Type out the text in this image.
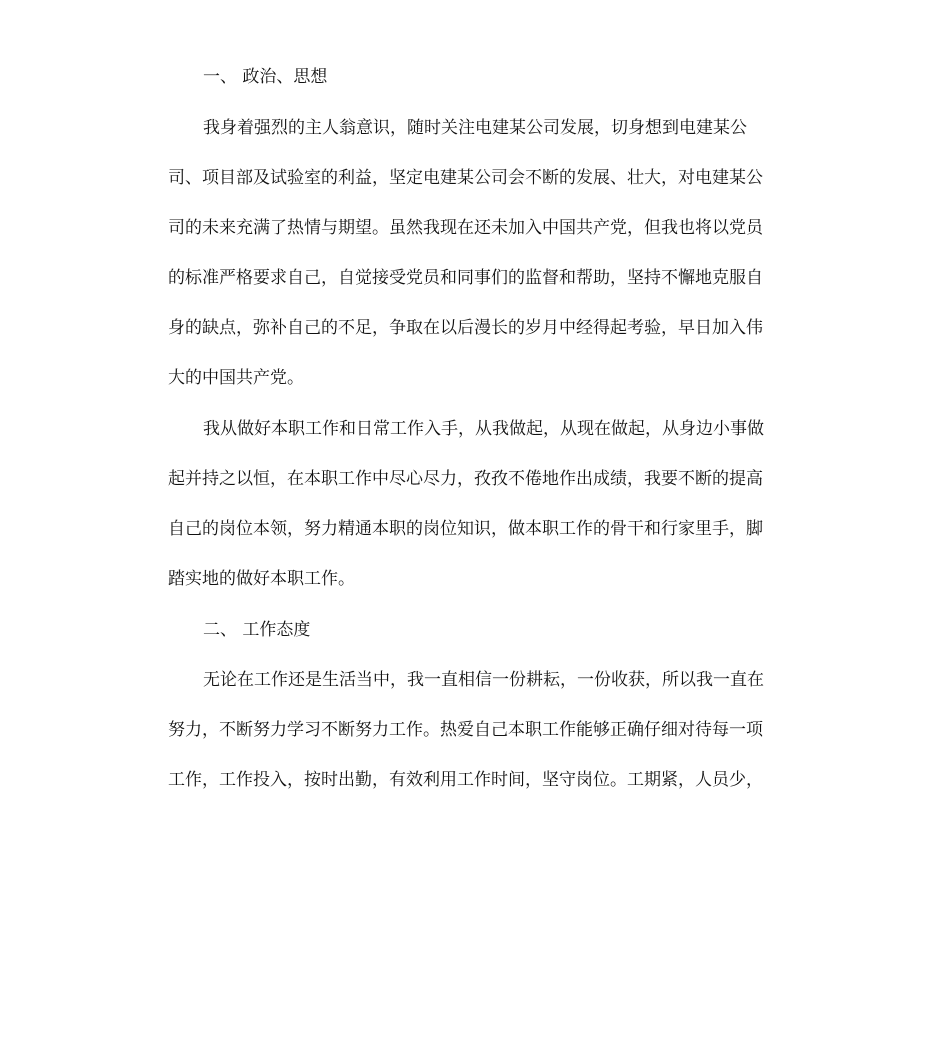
一、 政治、思想
我身着强烈的主人翁意识，随时关注电建某公司发展，切身想到电建某公
司、项目部及试验室的利益，坚定电建某公司会不断的发展、壮大，对电建某公
司的未来充满了热情与期望。虽然我现在还未加入中国共产党，但我也将以党员
的标准严格要求自己，自觉接受党员和同事们的监督和帮助，坚持不懈地克服自
身的缺点，弥补自己的不足，争取在以后漫长的岁月中经得起考验，早日加入伟
大的中国共产党。
我从做好本职工作和日常工作入手，从我做起，从现在做起，从身边小事做
起并持之以恒，在本职工作中尽心尽力，孜孜不倦地作出成绩，我要不断的提高
自己的岗位本领，努力精通本职的岗位知识，做本职工作的骨干和行家里手，脚
踏实地的做好本职工作。
二、 工作态度
无论在工作还是生活当中，我一直相信一份耕耘，一份收获，所以我一直在
努力，不断努力学习不断努力工作。热爱自己本职工作能够正确仔细对待每一项
工作，工作投入，按时出勤，有效利用工作时间，坚守岗位。工期紧，人员少，
